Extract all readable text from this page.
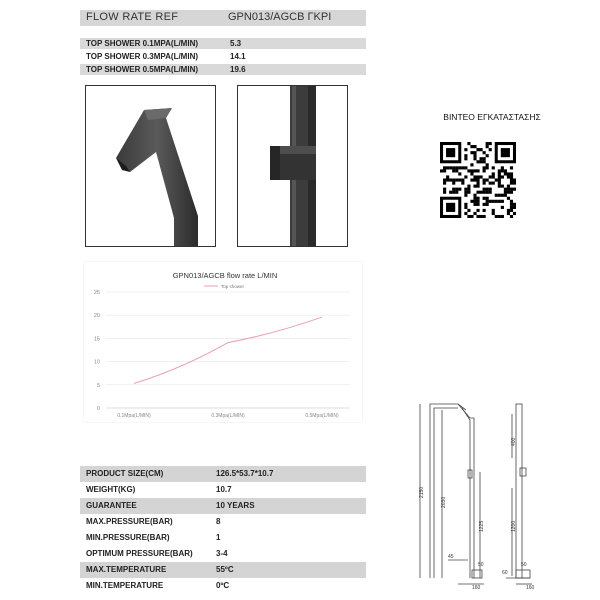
FLOW RATE REF	GPN013/AGCB ΓΚΡΙ
TOP SHOWER 0.1MPA(L/MIN)	5.3
TOP SHOWER 0.3MPA(L/MIN)	14.1
TOP SHOWER 0.5MPA(L/MIN)	19.6
GPN013/AGCB flow rate L/MIN
Top shower
0
5
10
15
20
25
0.1Mpa(L/MIN)	0.3Mpa(L/MIN)	0.5Mpa(L/MIN)
PRODUCT SIZE(CM)	126.5*53.7*10.7
WEIGHT(KG)	10.7
GUARANTEE	10 YEARS
MAX.PRESSURE(BAR)	8
MIN.PRESSURE(BAR)	1
OPTIMUM PRESSURE(BAR)	3-4
MAX.TEMPERATURE	55ºC
MIN.TEMPERATURE	0ºC
ΒΙΝΤΕΟ ΕΓΚΑΤΑΣΤΑΣΗΣ
2150
2030
1225
45
50
160
400
1200
50
60
160
